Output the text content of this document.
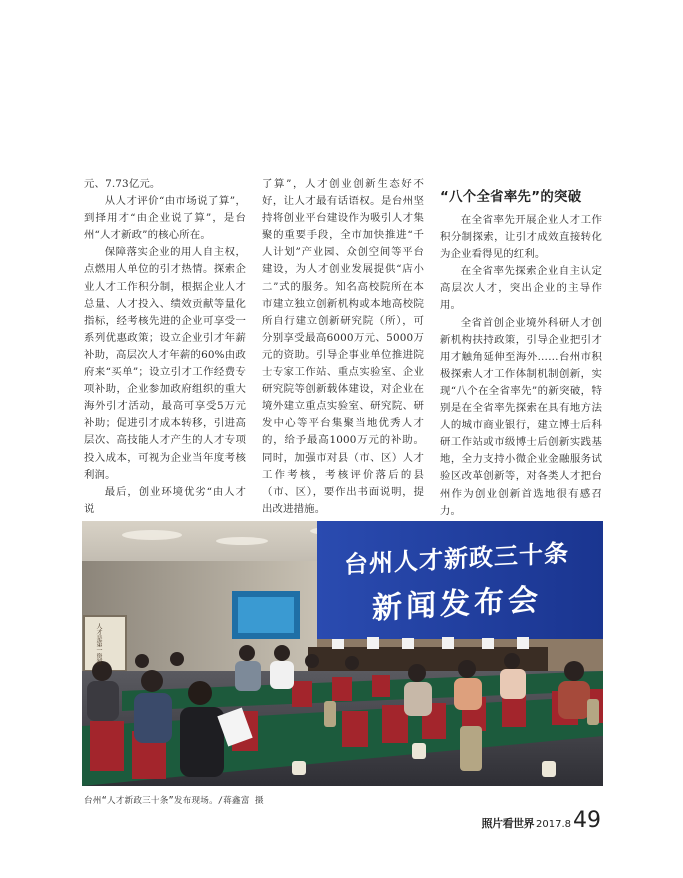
元、7.73亿元。

从人才评价“由市场说了算”，到择用才“由企业说了算”，是台州“人才新政”的核心所在。

保障落实企业的用人自主权，点燃用人单位的引才热情。探索企业人才工作积分制，根据企业人才总量、人才投入、绩效贡献等量化指标，经考核先进的企业可享受一系列优惠政策；设立企业引才年薪补助，高层次人才年薪的60%由政府来“买单”；设立引才工作经费专项补助，企业参加政府组织的重大海外引才活动，最高可享受5万元补助；促进引才成本转移，引进高层次、高技能人才产生的人才专项投入成本，可视为企业当年度考核利润。

最后，创业环境优劣“由人才说

了算”，人才创业创新生态好不好，让人才最有话语权。是台州坚持将创业平台建设作为吸引人才集聚的重要手段，全市加快推进“千人计划”产业园、众创空间等平台建设，为人才创业发展提供“店小二”式的服务。知名高校院所在本市建立独立创新机构或本地高校院所自行建立创新研究院（所），可分别享受最高6000万元、5000万元的资助。引导企事业单位推进院士专家工作站、重点实验室、企业研究院等创新载体建设，对企业在境外建立重点实验室、研究院、研发中心等平台集聚当地优秀人才的，给予最高1000万元的补助。同时，加强市对县（市、区）人才工作考核，考核评价落后的县（市、区），要作出书面说明，提出改进措施。

“八个全省率先”的突破

在全省率先开展企业人才工作积分制探索，让引才成效直接转化为企业看得见的红利。

在全省率先探索企业自主认定高层次人才，突出企业的主导作用。

全省首创企业境外科研人才创新机构扶持政策，引导企业把引才用才触角延伸至海外……台州市积极探索人才工作体制机制创新，实现“八个在全省率先”的新突破，特别是在全省率先探索在具有地方法人的城市商业银行，建立博士后科研工作站或市级博士后创新实践基地，全力支持小微企业金融服务试验区改革创新等，对各类人才把台州作为创业创新首选地很有感召力。

台州人才新政三十条
新闻发布会
人才是第一资源
台州“人才新政三十条”发布现场。/蒋鑫富 摄
照片看世界 2017.8 49
